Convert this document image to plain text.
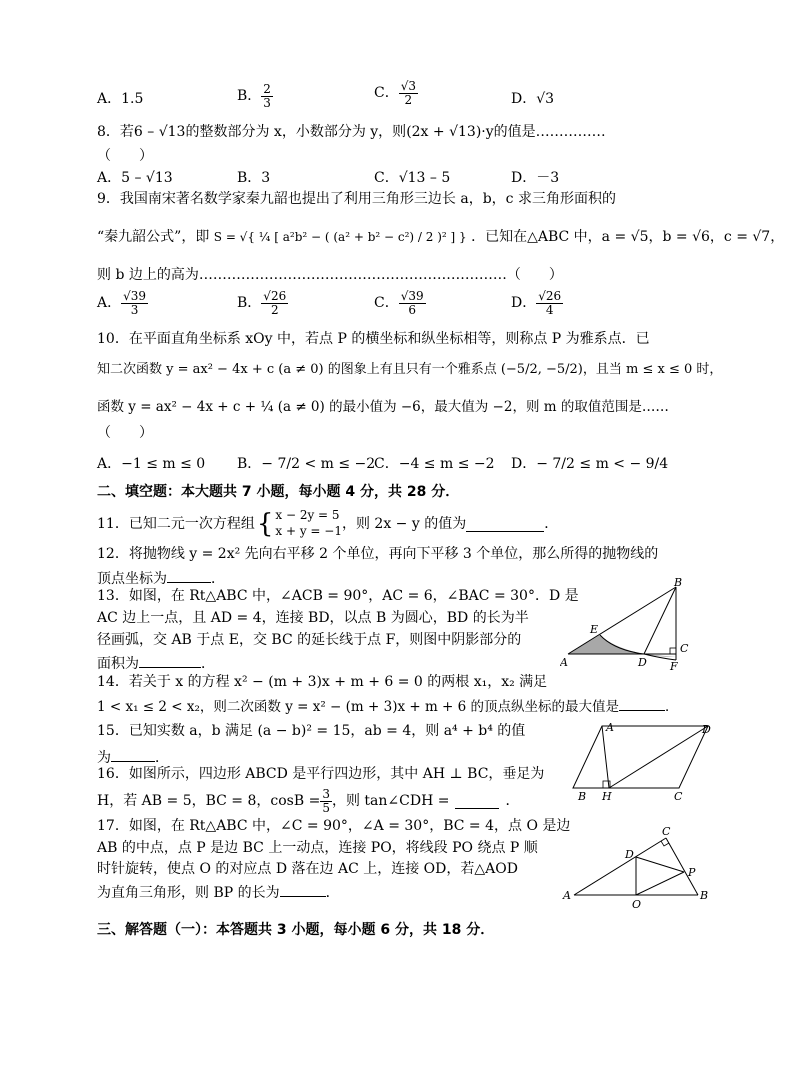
A．1.5	B． $\frac{2}{3}$	C． $\frac{√3}{2}$	D．√3
8．若6 – √13的整数部分为 x，小数部分为 y，则(2x + √13)·y的值是……………
（　　）
A．5 – √13	B．3	C．√13 – 5	D．－3
9．我国南宋著名数学家秦九韶也提出了利用三角形三边长 a，b，c 求三角形面积的
“秦九韶公式”，即 S = √{ ¼ [ a²b² − ( (a² + b² − c²) / 2 )² ] } ．已知在△ABC 中，a = √5，b = √6，c = √7，
则 b 边上的高为…………………………………………………………（　　）
A． $\frac{√39}{3}$	B． $\frac{√26}{2}$	C． $\frac{√39}{6}$	D． $\frac{√26}{4}$
10．在平面直角坐标系 xOy 中，若点 P 的横坐标和纵坐标相等，则称点 P 为雅系点．已
知二次函数 y = ax² − 4x + c (a ≠ 0) 的图象上有且只有一个雅系点 (−5/2, −5/2)，且当 m ≤ x ≤ 0 时，
函数 y = ax² − 4x + c + ¼ (a ≠ 0) 的最小值为 −6，最大值为 −2，则 m 的取值范围是……
（　　）
A．−1 ≤ m ≤ 0 B．− 7/2 < m ≤ −2
C．−4 ≤ m ≤ −2 D．− 7/2 ≤ m < − 9/4
二、填空题：本大题共 7 小题，每小题 4 分，共 28 分．
11．已知二元一次方程组 { x − 2y = 5
x + y = −1 ，则 2x − y 的值为	．
12．将抛物线 y = 2x² 先向右平移 2 个单位，再向下平移 3 个单位，那么所得的抛物线的
顶点坐标为	．
13．如图，在 Rt△ABC 中，∠ACB = 90°，AC = 6，∠BAC = 30°．D 是
AC 边上一点，且 AD = 4，连接 BD，以点 B 为圆心，BD 的长为半
径画弧，交 AB 于点 E，交 BC 的延长线于点 F，则图中阴影部分的
面积为	．	A
B
C
D
E
F
14．若关于 x 的方程 x² − (m + 3)x + m + 6 = 0 的两根 x₁，x₂ 满足
1 < x₁ ≤ 2 < x₂，则二次函数 y = x² − (m + 3)x + m + 6 的顶点纵坐标的最大值是	．
15．已知实数 a，b 满足 (a − b)² = 15，ab = 4，则 a⁴ + b⁴ 的值
为	．
16．如图所示，四边形 ABCD 是平行四边形，其中 AH ⊥ BC，垂足为
H，若 AB = 5，BC = 8，$\cos B = \frac{3}{5}$ ，则 tan∠CDH =	．
A	D
B H	C
17．如图，在 Rt△ABC 中，∠C = 90°，∠A = 30°，BC = 4，点 O 是边
AB 的中点，点 P 是边 BC 上一动点，连接 PO，将线段 PO 绕点 P 顺
时针旋转，使点 O 的对应点 D 落在边 AC 上，连接 OD，若△AOD
为直角三角形，则 BP 的长为	．	A	B
C
D
O
P
三、解答题（一）：本答题共 3 小题，每小题 6 分，共 18 分．
